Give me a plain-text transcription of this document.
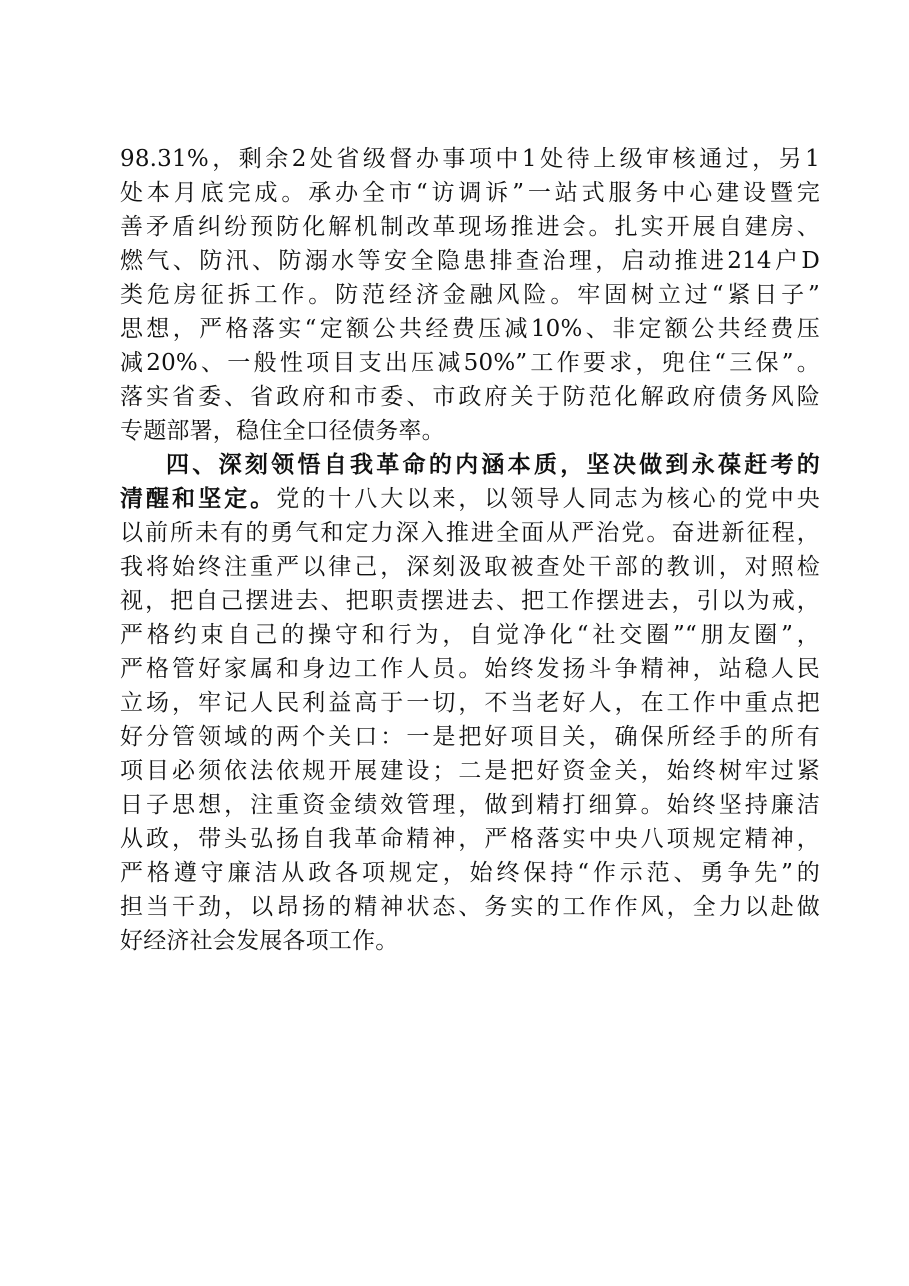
98.31%，剩余2处省级督办事项中1处待上级审核通过，另1
处本月底完成。承办全市“访调诉”一站式服务中心建设暨完
善矛盾纠纷预防化解机制改革现场推进会。扎实开展自建房、
燃气、防汛、防溺水等安全隐患排查治理，启动推进214户D
类危房征拆工作。防范经济金融风险。牢固树立过“紧日子”
思想，严格落实“定额公共经费压减10%、非定额公共经费压
减20%、一般性项目支出压减50%”工作要求，兜住“三保”。
落实省委、省政府和市委、市政府关于防范化解政府债务风险
专题部署，稳住全口径债务率。
四、深刻领悟自我革命的内涵本质，坚决做到永葆赶考的
清醒和坚定。党的十八大以来，以领导人同志为核心的党中央
以前所未有的勇气和定力深入推进全面从严治党。奋进新征程，
我将始终注重严以律己，深刻汲取被查处干部的教训，对照检
视，把自己摆进去、把职责摆进去、把工作摆进去，引以为戒，
严格约束自己的操守和行为，自觉净化“社交圈”“朋友圈”，
严格管好家属和身边工作人员。始终发扬斗争精神，站稳人民
立场，牢记人民利益高于一切，不当老好人，在工作中重点把
好分管领域的两个关口：一是把好项目关，确保所经手的所有
项目必须依法依规开展建设；二是把好资金关，始终树牢过紧
日子思想，注重资金绩效管理，做到精打细算。始终坚持廉洁
从政，带头弘扬自我革命精神，严格落实中央八项规定精神，
严格遵守廉洁从政各项规定，始终保持“作示范、勇争先”的
担当干劲，以昂扬的精神状态、务实的工作作风，全力以赴做
好经济社会发展各项工作。
